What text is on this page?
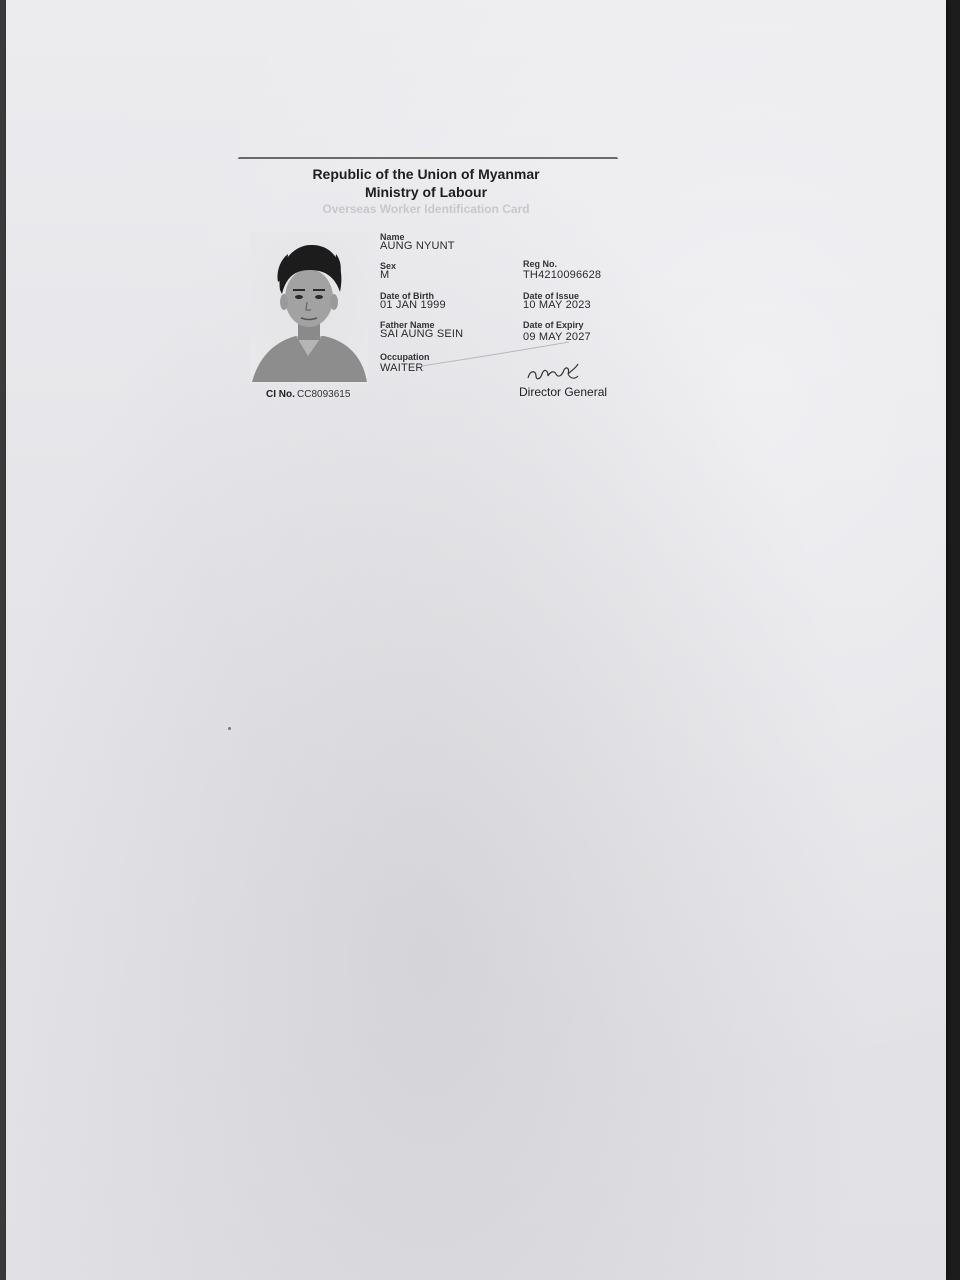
Republic of the Union of Myanmar
Ministry of Labour
Overseas Worker Identification Card
Name
AUNG NYUNT
Sex
M
Date of Birth
01 JAN 1999
Father Name
SAI AUNG SEIN
Occupation
WAITER
Reg No.
TH4210096628
Date of Issue
10 MAY 2023
Date of Expiry
09 MAY 2027
CI No. CC8093615	Director General
